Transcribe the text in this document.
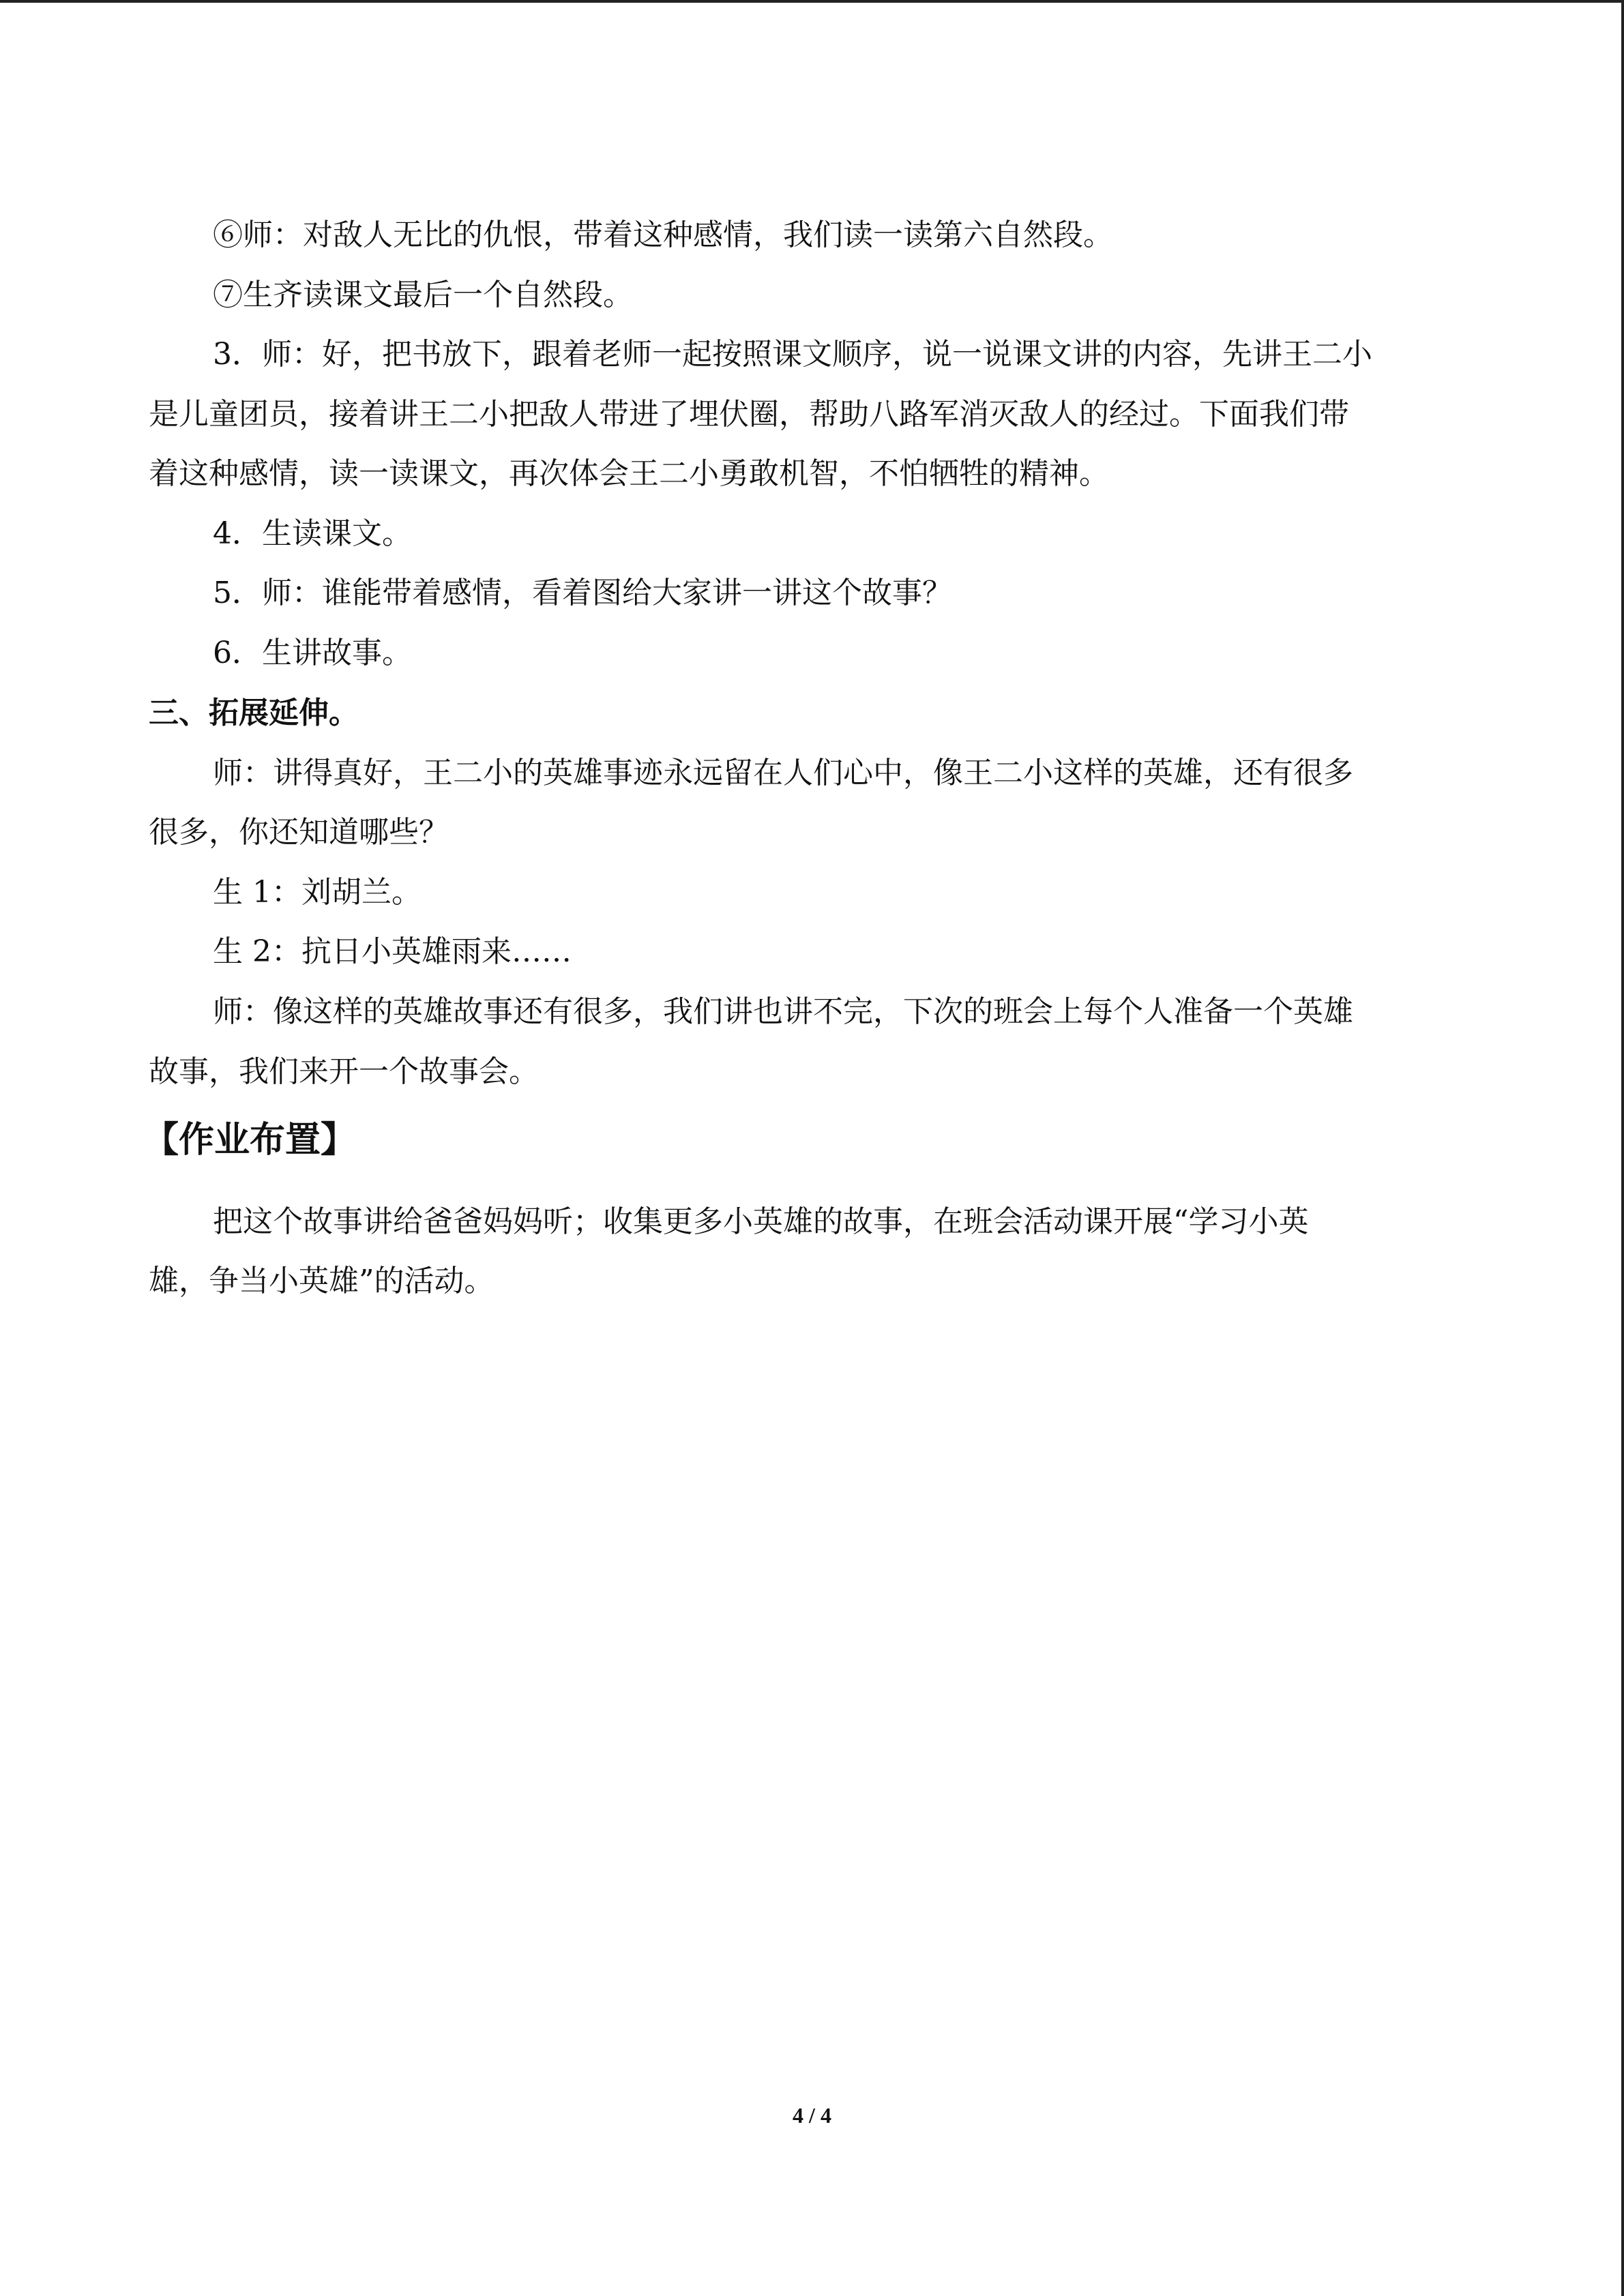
⑥师：对敌人无比的仇恨，带着这种感情，我们读一读第六自然段。
⑦生齐读课文最后一个自然段。
3．师：好，把书放下，跟着老师一起按照课文顺序，说一说课文讲的内容，先讲王二小
是儿童团员，接着讲王二小把敌人带进了埋伏圈，帮助八路军消灭敌人的经过。下面我们带
着这种感情，读一读课文，再次体会王二小勇敢机智，不怕牺牲的精神。
4．生读课文。
5．师：谁能带着感情，看着图给大家讲一讲这个故事？
6．生讲故事。
三、拓展延伸。
师：讲得真好，王二小的英雄事迹永远留在人们心中，像王二小这样的英雄，还有很多
很多，你还知道哪些？
生 1：刘胡兰。
生 2：抗日小英雄雨来……
师：像这样的英雄故事还有很多，我们讲也讲不完，下次的班会上每个人准备一个英雄
故事，我们来开一个故事会。
【作业布置】
把这个故事讲给爸爸妈妈听；收集更多小英雄的故事，在班会活动课开展“学习小英
雄，争当小英雄”的活动。
4 / 4
